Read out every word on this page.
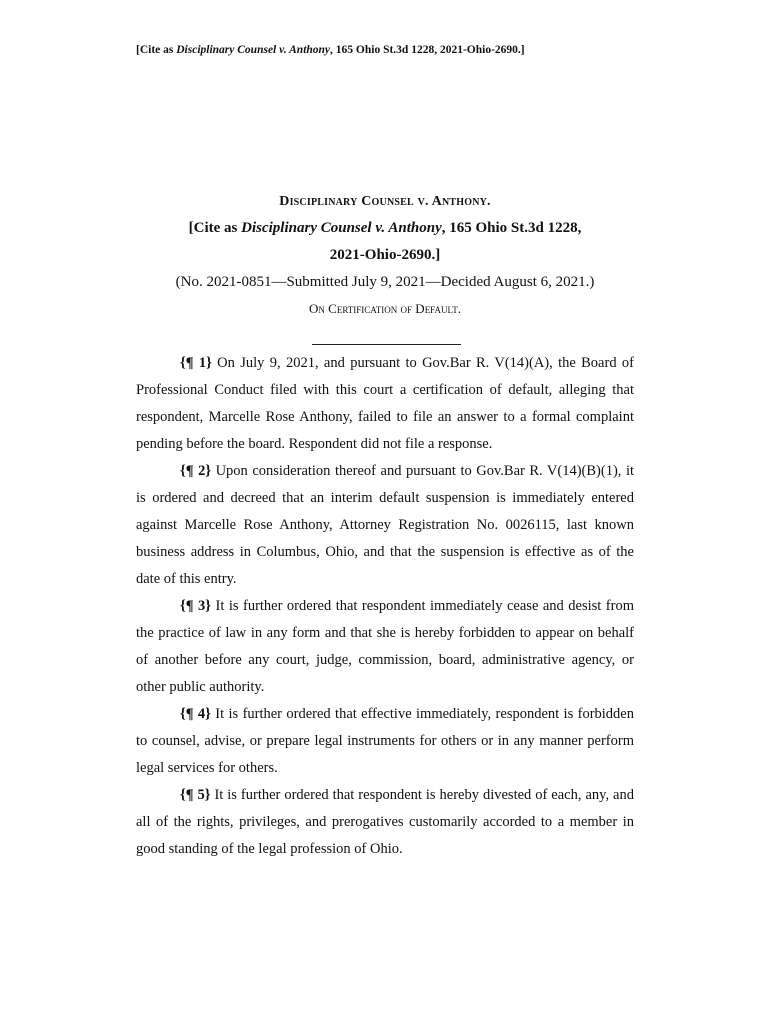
[Cite as Disciplinary Counsel v. Anthony, 165 Ohio St.3d 1228, 2021-Ohio-2690.]
Disciplinary Counsel v. Anthony.
[Cite as Disciplinary Counsel v. Anthony, 165 Ohio St.3d 1228,
2021-Ohio-2690.]
(No. 2021-0851—Submitted July 9, 2021—Decided August 6, 2021.)
On Certification of Default.

{¶ 1} On July 9, 2021, and pursuant to Gov.Bar R. V(14)(A), the Board of Professional Conduct filed with this court a certification of default, alleging that respondent, Marcelle Rose Anthony, failed to file an answer to a formal complaint pending before the board. Respondent did not file a response.

{¶ 2} Upon consideration thereof and pursuant to Gov.Bar R. V(14)(B)(1), it is ordered and decreed that an interim default suspension is immediately entered against Marcelle Rose Anthony, Attorney Registration No. 0026115, last known business address in Columbus, Ohio, and that the suspension is effective as of the date of this entry.

{¶ 3} It is further ordered that respondent immediately cease and desist from the practice of law in any form and that she is hereby forbidden to appear on behalf of another before any court, judge, commission, board, administrative agency, or other public authority.

{¶ 4} It is further ordered that effective immediately, respondent is forbidden to counsel, advise, or prepare legal instruments for others or in any manner perform legal services for others.

{¶ 5} It is further ordered that respondent is hereby divested of each, any, and all of the rights, privileges, and prerogatives customarily accorded to a member in good standing of the legal profession of Ohio.
